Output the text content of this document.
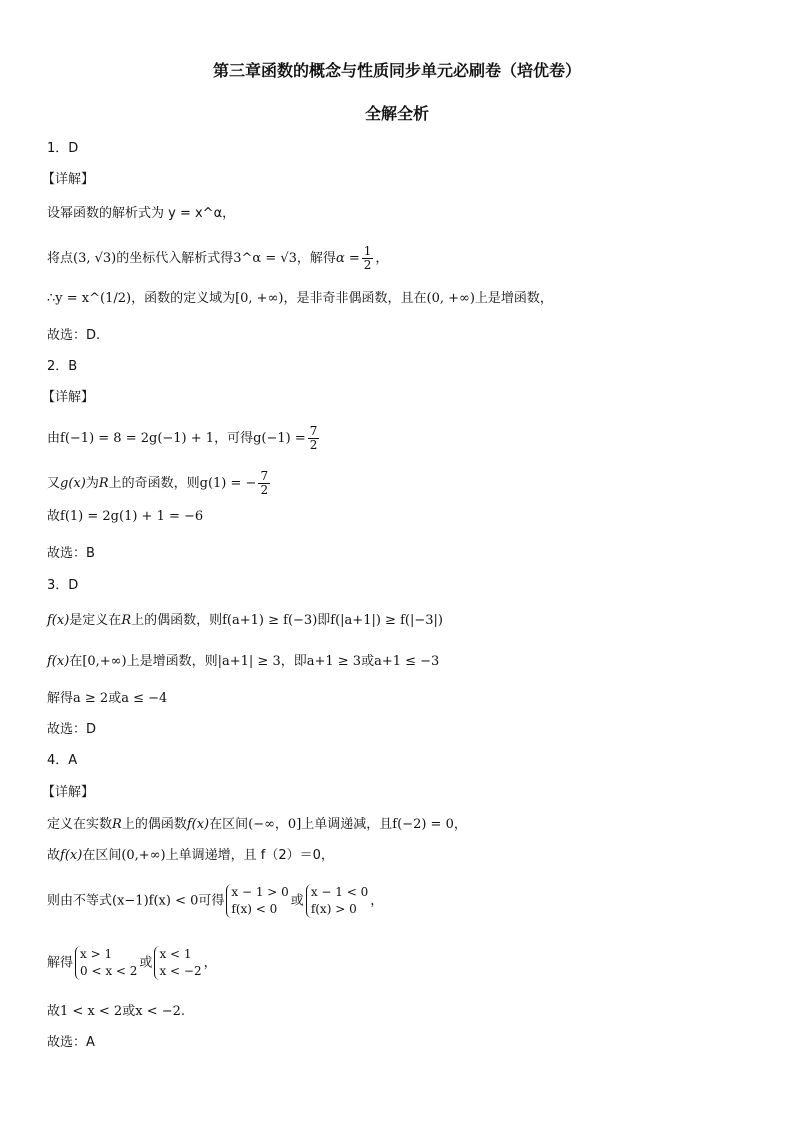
第三章函数的概念与性质同步单元必刷卷（培优卷）
全解全析
1．D
【详解】
设幂函数的解析式为 y = x^α，
将点(3, √3)的坐标代入解析式得3^α = √3，解得$\alpha = \frac{1}{2}$ ，
∴y = x^(1/2)，函数的定义域为[0, +∞)，是非奇非偶函数，且在(0, +∞)上是增函数，
故选：D.
2．B
【详解】
由f(−1) = 8 = 2g(−1) + 1，可得$g(-1) = \frac{7}{2}$
又g(x)为R上的奇函数，则g(1) = − $\frac{7}{2}$
故f(1) = 2g(1) + 1 = −6
故选：B
3．D
f(x)是定义在R上的偶函数，则f(a+1) ≥ f(−3)即f(|a+1|) ≥ f(|−3|)
f(x)在[0,+∞)上是增函数，则|a+1| ≥ 3，即a+1 ≥ 3或a+1 ≤ −3
解得a ≥ 2或a ≤ −4
故选：D
4．A
【详解】
定义在实数R上的偶函数f(x)在区间(−∞，0]上单调递减，且f(−2) = 0，
故f(x)在区间(0,+∞)上单调递增，且 f（2）＝0，
则由不等式(x−1)f(x) < 0可得
x − 1 > 0
f(x) < 0
或
x − 1 < 0
f(x) > 0
，
解得
x > 1
0 < x < 2
或
x < 1
x < −2
，
故1 < x < 2或x < −2.
故选：A
